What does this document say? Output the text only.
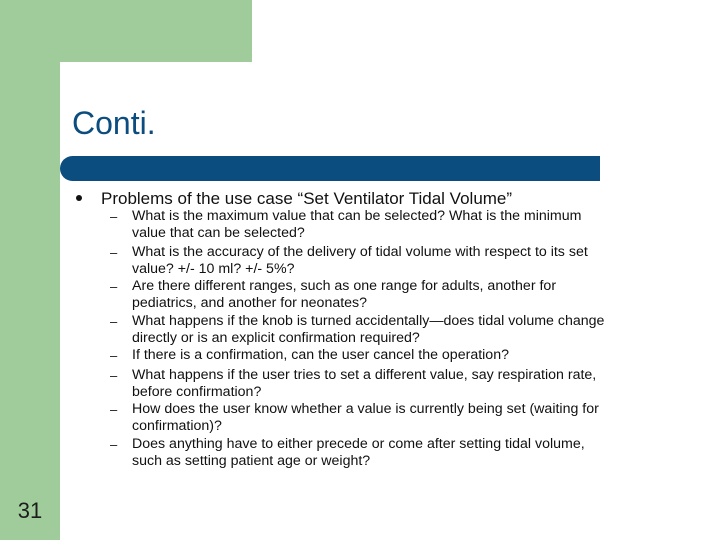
31
Conti.
Problems of the use case “Set Ventilator Tidal Volume”
–	What is the maximum value that can be selected? What is the minimum
value that can be selected?
–	What is the accuracy of the delivery of tidal volume with respect to its set
value? +/- 10 ml? +/- 5%?
–	Are there different ranges, such as one range for adults, another for
pediatrics, and another for neonates?
–	What happens if the knob is turned accidentally—does tidal volume change
directly or is an explicit confirmation required?
–	If there is a confirmation, can the user cancel the operation?
–	What happens if the user tries to set a different value, say respiration rate,
before confirmation?
–	How does the user know whether a value is currently being set (waiting for
confirmation)?
–	Does anything have to either precede or come after setting tidal volume,
such as setting patient age or weight?
